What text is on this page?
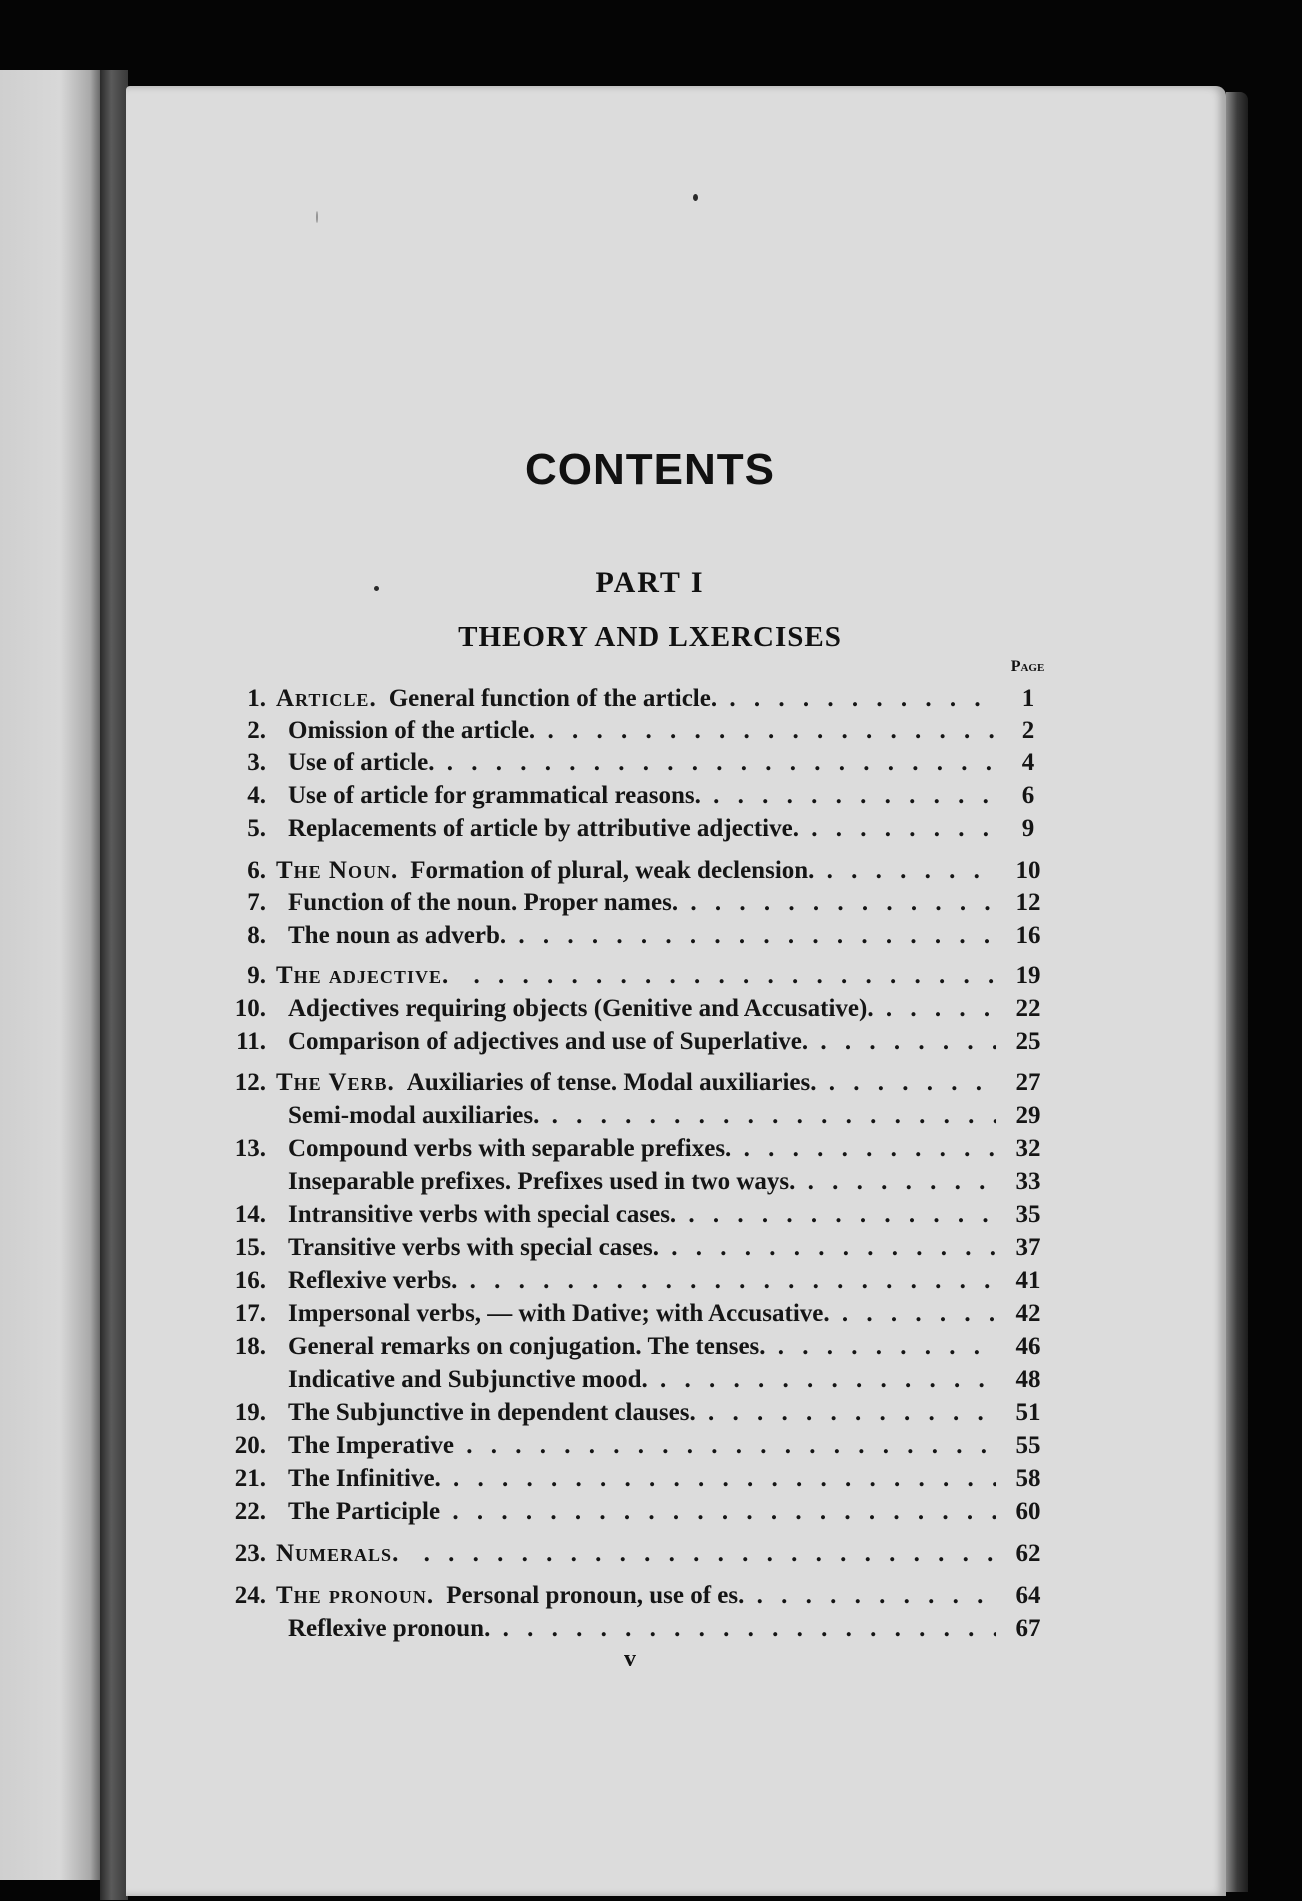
CONTENTS
PART I
THEORY AND LXERCISES
Page
1. Article. General function of the article. . . .	1
2. Omission of the article. . . .	2
3. Use of article. . . .	4
4. Use of article for grammatical reasons. . . .	6
5. Replacements of article by attributive adjective. . . .	9
6. The Noun. Formation of plural, weak declension. . . .	10
7. Function of the noun. Proper names. . . .	12
8. The noun as adverb. . . .	16
9. The adjective. . . .	19
10. Adjectives requiring objects (Genitive and Accusative). . . .	22
11. Comparison of adjectives and use of Superlative. . . .	25
12. The Verb. Auxiliaries of tense. Modal auxiliaries. . . .	27
Semi-modal auxiliaries. . . .	29
13. Compound verbs with separable prefixes. . . .	32
Inseparable prefixes. Prefixes used in two ways. . . .	33
14. Intransitive verbs with special cases. . . .	35
15. Transitive verbs with special cases. . . .	37
16. Reflexive verbs. . . .	41
17. Impersonal verbs, — with Dative; with Accusative. . . .	42
18. General remarks on conjugation. The tenses. . . .	46
Indicative and Subjunctive mood. . . .	48
19. The Subjunctive in dependent clauses. . . .	51
20. The Imperative . . .	55
21. The Infinitive. . . .	58
22. The Participle . . .	60
23. Numerals. . . .	62
24. The pronoun. Personal pronoun, use of es. . . .	64
Reflexive pronoun. . . .	67
v
